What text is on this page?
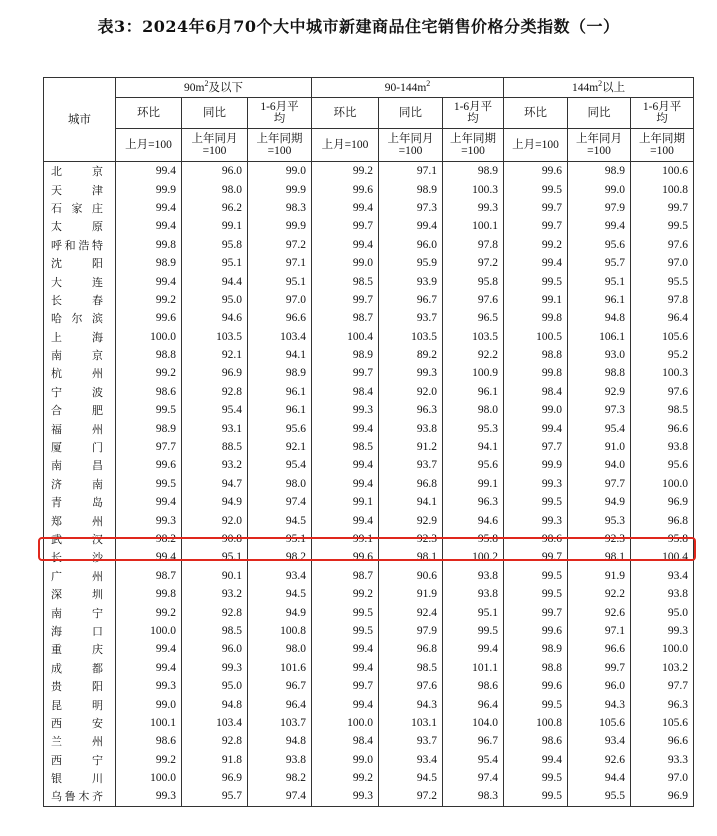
表3：2024年6月70个大中城市新建商品住宅销售价格分类指数（一）
城市	$90m^2$及以下			$90-144m^2$			$144m^2$以上		
	环比	同比	1-6月平均	环比	同比	1-6月平均	环比	同比	1-6月平均
	上月=100	上年同月=100	上年同期=100	上月=100	上年同月=100	上年同期=100	上月=100	上年同月=100	上年同期=100
北京	99.4	96.0	99.0	99.2	97.1	98.9	99.6	98.9	100.6
天津	99.9	98.0	99.9	99.6	98.9	100.3	99.5	99.0	100.8
石家庄	99.4	96.2	98.3	99.4	97.3	99.3	99.7	97.9	99.7
太原	99.4	99.1	99.9	99.7	99.4	100.1	99.7	99.4	99.5
呼和浩特	99.8	95.8	97.2	99.4	96.0	97.8	99.2	95.6	97.6
沈阳	98.9	95.1	97.1	99.0	95.9	97.2	99.4	95.7	97.0
大连	99.4	94.4	95.1	98.5	93.9	95.8	99.5	95.1	95.5
长春	99.2	95.0	97.0	99.7	96.7	97.6	99.1	96.1	97.8
哈尔滨	99.6	94.6	96.6	98.7	93.7	96.5	99.8	94.8	96.4
上海	100.0	103.5	103.4	100.4	103.5	103.5	100.5	106.1	105.6
南京	98.8	92.1	94.1	98.9	89.2	92.2	98.8	93.0	95.2
杭州	99.2	96.9	98.9	99.7	99.3	100.9	99.8	98.8	100.3
宁波	98.6	92.8	96.1	98.4	92.0	96.1	98.4	92.9	97.6
合肥	99.5	95.4	96.1	99.3	96.3	98.0	99.0	97.3	98.5
福州	98.9	93.1	95.6	99.4	93.8	95.3	99.4	95.4	96.6
厦门	97.7	88.5	92.1	98.5	91.2	94.1	97.7	91.0	93.8
南昌	99.6	93.2	95.4	99.4	93.7	95.6	99.9	94.0	95.6
济南	99.5	94.7	98.0	99.4	96.8	99.1	99.3	97.7	100.0
青岛	99.4	94.9	97.4	99.1	94.1	96.3	99.5	94.9	96.9
郑州	99.3	92.0	94.5	99.4	92.9	94.6	99.3	95.3	96.8
武汉	98.2	90.8	95.1	99.1	92.3	95.8	98.6	92.3	95.8
长沙	99.4	95.1	98.2	99.6	98.1	100.2	99.7	98.1	100.4
广州	98.7	90.1	93.4	98.7	90.6	93.8	99.5	91.9	93.4
深圳	99.8	93.2	94.5	99.2	91.9	93.8	99.5	92.2	93.8
南宁	99.2	92.8	94.9	99.5	92.4	95.1	99.7	92.6	95.0
海口	100.0	98.5	100.8	99.5	97.9	99.5	99.6	97.1	99.3
重庆	99.4	96.0	98.0	99.4	96.8	99.4	98.9	96.6	100.0
成都	99.4	99.3	101.6	99.4	98.5	101.1	98.8	99.7	103.2
贵阳	99.3	95.0	96.7	99.7	97.6	98.6	99.6	96.0	97.7
昆明	99.0	94.8	96.4	99.4	94.3	96.4	99.5	94.3	96.3
西安	100.1	103.4	103.7	100.0	103.1	104.0	100.8	105.6	105.6
兰州	98.6	92.8	94.8	98.4	93.7	96.7	98.6	93.4	96.6
西宁	99.2	91.8	93.8	99.0	93.4	95.4	99.4	92.6	93.3
银川	100.0	96.9	98.2	99.2	94.5	97.4	99.5	94.4	97.0
乌鲁木齐	99.3	95.7	97.4	99.3	97.2	98.3	99.5	95.5	96.9
